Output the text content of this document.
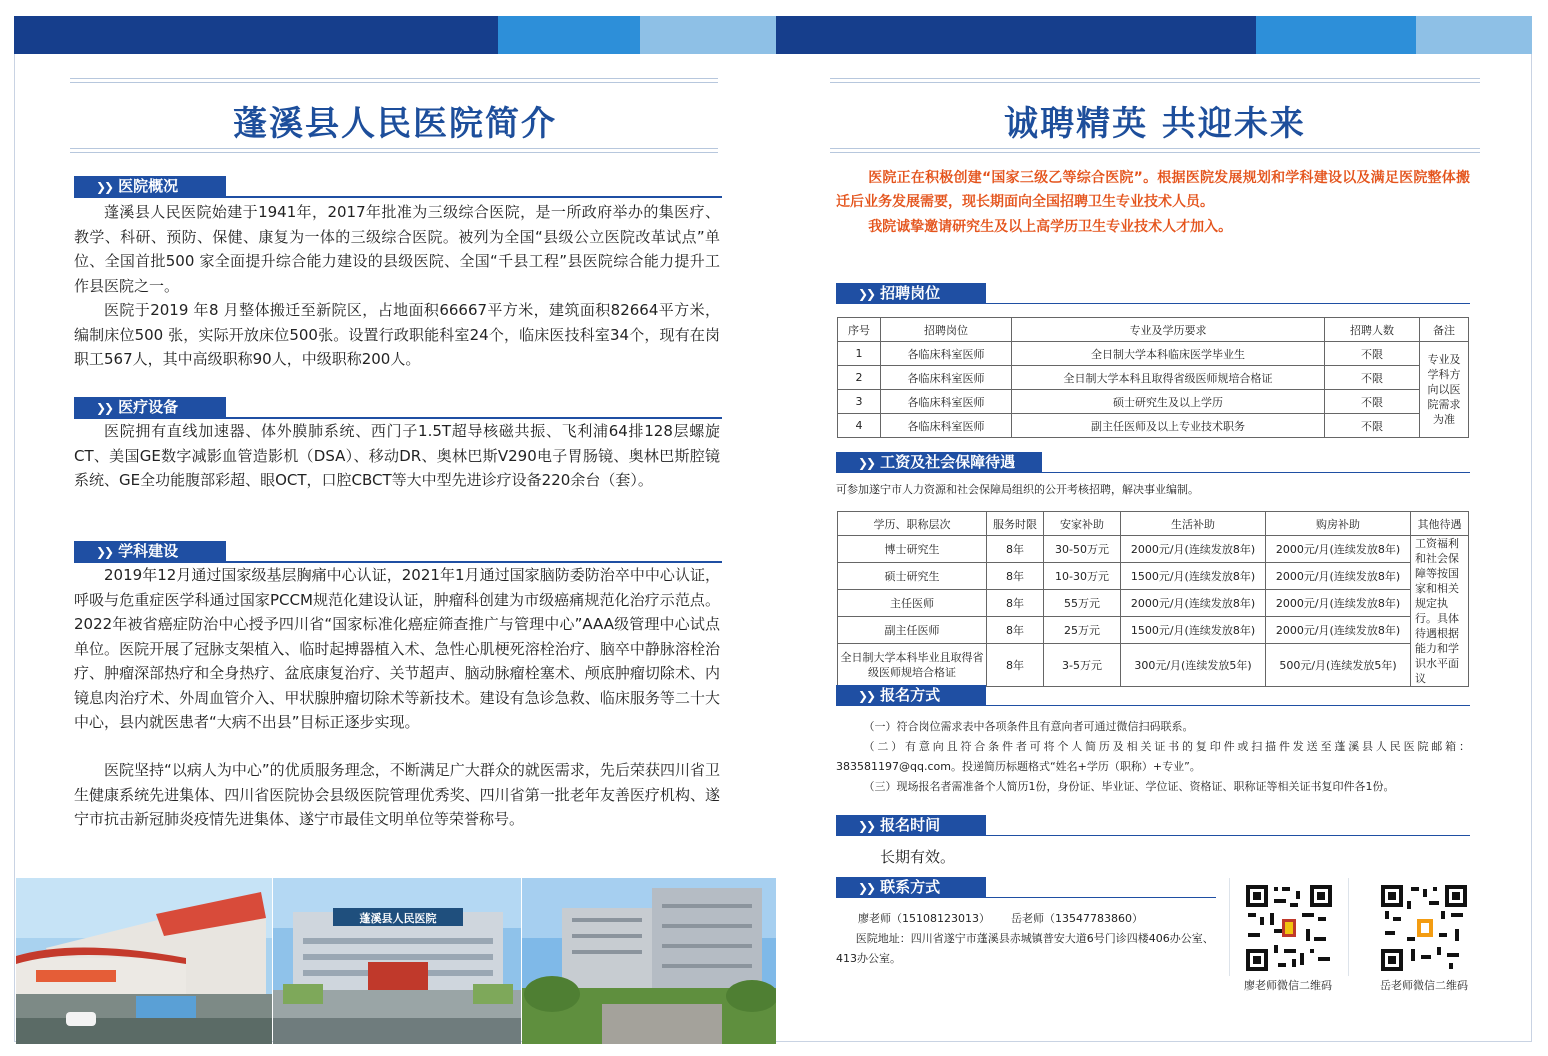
蓬溪县人民医院简介
❯❯ 医院概况
蓬溪县人民医院始建于1941年，2017年批准为三级综合医院，是一所政府举办的集医疗、教学、科研、预防、保健、康复为一体的三级综合医院。被列为全国“县级公立医院改革试点”单位、全国首批500 家全面提升综合能力建设的县级医院、全国“千县工程”县医院综合能力提升工作县医院之一。
医院于2019 年8 月整体搬迁至新院区，占地面积66667平方米，建筑面积82664平方米，编制床位500 张，实际开放床位500张。设置行政职能科室24个，临床医技科室34个，现有在岗职工567人，其中高级职称90人，中级职称200人。
❯❯ 医疗设备
医院拥有直线加速器、体外膜肺系统、西门子1.5T超导核磁共振、飞利浦64排128层螺旋CT、美国GE数字减影血管造影机（DSA）、移动DR、奥林巴斯V290电子胃肠镜、奥林巴斯腔镜系统、GE全功能腹部彩超、眼OCT，口腔CBCT等大中型先进诊疗设备220余台（套）。
❯❯ 学科建设
2019年12月通过国家级基层胸痛中心认证，2021年1月通过国家脑防委防治卒中中心认证，呼吸与危重症医学科通过国家PCCM规范化建设认证，肿瘤科创建为市级癌痛规范化治疗示范点。2022年被省癌症防治中心授予四川省“国家标准化癌症筛查推广与管理中心”AAA级管理中心试点单位。医院开展了冠脉支架植入、临时起搏器植入术、急性心肌梗死溶栓治疗、脑卒中静脉溶栓治疗、肿瘤深部热疗和全身热疗、盆底康复治疗、关节超声、脑动脉瘤栓塞术、颅底肿瘤切除术、内镜息肉治疗术、外周血管介入、甲状腺肿瘤切除术等新技术。建设有急诊急救、临床服务等二十大中心，县内就医患者“大病不出县”目标正逐步实现。
医院坚持“以病人为中心”的优质服务理念，不断满足广大群众的就医需求，先后荣获四川省卫生健康系统先进集体、四川省医院协会县级医院管理优秀奖、四川省第一批老年友善医疗机构、遂宁市抗击新冠肺炎疫情先进集体、遂宁市最佳文明单位等荣誉称号。
蓬溪县人民医院
诚聘精英 共迎未来
医院正在积极创建“国家三级乙等综合医院”。根据医院发展规划和学科建设以及满足医院整体搬迁后业务发展需要，现长期面向全国招聘卫生专业技术人员。
我院诚挚邀请研究生及以上高学历卫生专业技术人才加入。
❯❯ 招聘岗位
序号	招聘岗位	专业及学历要求	招聘人数	备注
1	各临床科室医师	全日制大学本科临床医学毕业生	不限	专业及学科方向以医院需求为准
2	各临床科室医师	全日制大学本科且取得省级医师规培合格证	不限	
3	各临床科室医师	硕士研究生及以上学历	不限	
4	各临床科室医师	副主任医师及以上专业技术职务	不限	
❯❯ 工资及社会保障待遇
可参加遂宁市人力资源和社会保障局组织的公开考核招聘，解决事业编制。
学历、职称层次	服务时限	安家补助	生活补助	购房补助	其他待遇
博士研究生	8年	30-50万元	2000元/月(连续发放8年)	2000元/月(连续发放8年)	工资福利和社会保障等按国家和相关规定执行。具体待遇根据能力和学识水平面议
硕士研究生	8年	10-30万元	1500元/月(连续发放8年)	2000元/月(连续发放8年)	
主任医师	8年	55万元	2000元/月(连续发放8年)	2000元/月(连续发放8年)	
副主任医师	8年	25万元	1500元/月(连续发放8年)	2000元/月(连续发放8年)	
全日制大学本科毕业且取得省级医师规培合格证	8年	3-5万元	300元/月(连续发放5年)	500元/月(连续发放5年)	
❯❯ 报名方式
（一）符合岗位需求表中各项条件且有意向者可通过微信扫码联系。
（二）有意向且符合条件者可将个人简历及相关证书的复印件或扫描件发送至蓬溪县人民医院邮箱：383581197@qq.com。投递简历标题格式“姓名+学历（职称）+专业”。
（三）现场报名者需准备个人简历1份，身份证、毕业证、学位证、资格证、职称证等相关证书复印件各1份。
❯❯ 报名时间
长期有效。
❯❯ 联系方式
廖老师（15108123013）      岳老师（13547783860）
医院地址：四川省遂宁市蓬溪县赤城镇普安大道6号门诊四楼406办公室、413办公室。
廖老师微信二维码	岳老师微信二维码
